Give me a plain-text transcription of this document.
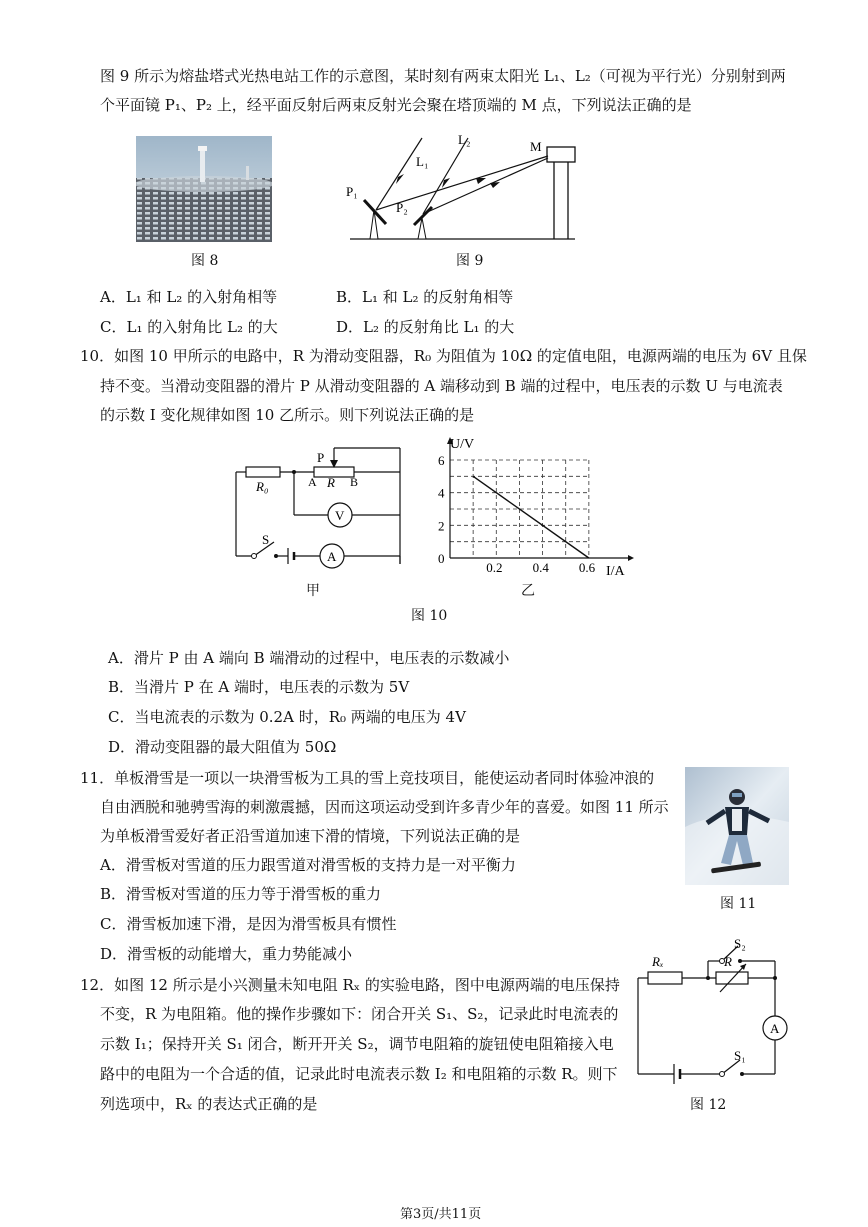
图 9 所示为熔盐塔式光热电站工作的示意图，某时刻有两束太阳光 L₁、L₂（可视为平行光）分别射到两
个平面镜 P₁、P₂ 上，经平面反射后两束反射光会聚在塔顶端的 M 点，下列说法正确的是
图 8
M
P₁
P₂
L₁
L₂
图 9
A．L₁ 和 L₂ 的入射角相等	B．L₁ 和 L₂ 的反射角相等
C．L₁ 的入射角比 L₂ 的大	D．L₂ 的反射角比 L₁ 的大
10．如图 10 甲所示的电路中，R 为滑动变阻器，R₀ 为阻值为 10Ω 的定值电阻，电源两端的电压为 6V 且保
持不变。当滑动变阻器的滑片 P 从滑动变阻器的 A 端移动到 B 端的过程中，电压表的示数 U 与电流表
的示数 I 变化规律如图 10 乙所示。则下列说法正确的是
P
A R B
R₀
V
A
S
甲
0.2 0.4 0.6
0
2
4
6
U/V
I/A
乙
图 10
A．滑片 P 由 A 端向 B 端滑动的过程中，电压表的示数减小
B．当滑片 P 在 A 端时，电压表的示数为 5V
C．当电流表的示数为 0.2A 时，R₀ 两端的电压为 4V
D．滑动变阻器的最大阻值为 50Ω
11．单板滑雪是一项以一块滑雪板为工具的雪上竞技项目，能使运动者同时体验冲浪的
自由洒脱和驰骋雪海的刺激震撼，因而这项运动受到许多青少年的喜爱。如图 11 所示
为单板滑雪爱好者正沿雪道加速下滑的情境，下列说法正确的是
A．滑雪板对雪道的压力跟雪道对滑雪板的支持力是一对平衡力
B．滑雪板对雪道的压力等于滑雪板的重力
C．滑雪板加速下滑，是因为滑雪板具有惯性
D．滑雪板的动能增大，重力势能减小
图 11
12．如图 12 所示是小兴测量未知电阻 Rₓ 的实验电路，图中电源两端的电压保持
不变，R 为电阻箱。他的操作步骤如下：闭合开关 S₁、S₂，记录此时电流表的
示数 I₁；保持开关 S₁ 闭合，断开开关 S₂，调节电阻箱的旋钮使电阻箱接入电
路中的电阻为一个合适的值，记录此时电流表示数 I₂ 和电阻箱的示数 R。则下
列选项中，Rₓ 的表达式正确的是
S₂
Rₓ	R
A
S₁
图 12
第3页/共11页
